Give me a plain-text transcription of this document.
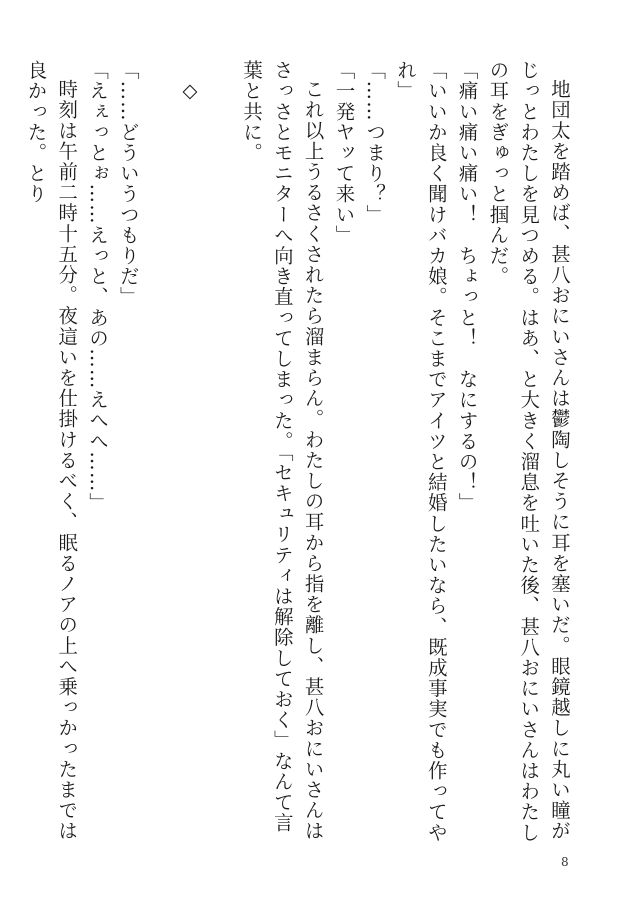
地団太を踏めば、甚八おにいさんは鬱陶しそうに耳を塞いだ。眼鏡越しに丸い瞳がじっとわたしを見つめる。はあ、と大きく溜息を吐いた後、甚八おにいさんはわたしの耳をぎゅっと掴んだ。

「痛い痛い痛い！　ちょっと！　なにするの！」

「いいか良く聞けバカ娘。そこまでアイツと結婚したいなら、既成事実でも作ってやれ」

「……つまり？」

「一発ヤッて来い」

これ以上うるさくされたら溜まらん。わたしの耳から指を離し、甚八おにいさんはさっさとモニターへ向き直ってしまった。「セキュリティは解除しておく」なんて言葉と共に。

◇

「……どういうつもりだ」

「えぇっとぉ……えっと、あの……えへへ……」

時刻は午前二時十五分。夜這いを仕掛けるべく、眠るノアの上へ乗っかったまでは良かった。とり

8
